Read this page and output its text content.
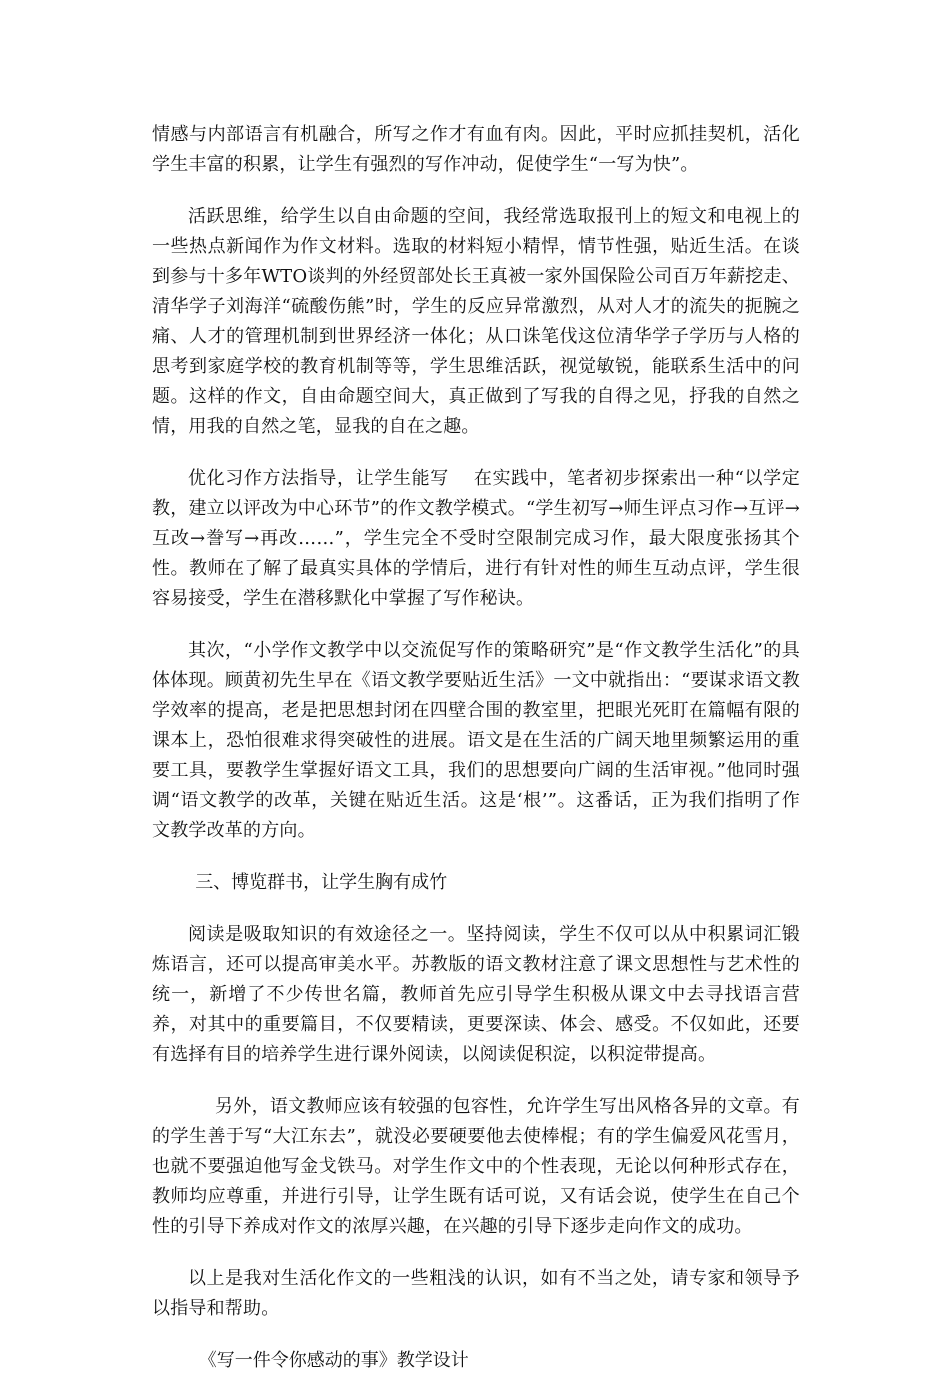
情感与内部语言有机融合，所写之作才有血有肉。因此，平时应抓挂契机，活化学生丰富的积累，让学生有强烈的写作冲动，促使学生“一写为快”。

活跃思维，给学生以自由命题的空间，我经常选取报刊上的短文和电视上的一些热点新闻作为作文材料。选取的材料短小精悍，情节性强，贴近生活。在谈到参与十多年WTO谈判的外经贸部处长王真被一家外国保险公司百万年薪挖走、清华学子刘海洋“硫酸伤熊”时，学生的反应异常激烈，从对人才的流失的扼腕之痛、人才的管理机制到世界经济一体化；从口诛笔伐这位清华学子学历与人格的思考到家庭学校的教育机制等等，学生思维活跃，视觉敏锐，能联系生活中的问题。这样的作文，自由命题空间大，真正做到了写我的自得之见，抒我的自然之情，用我的自然之笔，显我的自在之趣。

优化习作方法指导，让学生能写　 在实践中，笔者初步探索出一种“以学定教，建立以评改为中心环节”的作文教学模式。“学生初写→师生评点习作→互评→互改→誊写→再改……”，学生完全不受时空限制完成习作，最大限度张扬其个性。教师在了解了最真实具体的学情后，进行有针对性的师生互动点评，学生很容易接受，学生在潜移默化中掌握了写作秘诀。

其次，“小学作文教学中以交流促写作的策略研究”是“作文教学生活化”的具体体现。顾黄初先生早在《语文教学要贴近生活》一文中就指出：“要谋求语文教学效率的提高，老是把思想封闭在四壁合围的教室里，把眼光死盯在篇幅有限的课本上，恐怕很难求得突破性的进展。语文是在生活的广阔天地里频繁运用的重要工具，要教学生掌握好语文工具，我们的思想要向广阔的生活审视。”他同时强调“语文教学的改革，关键在贴近生活。这是‘根’”。这番话，正为我们指明了作文教学改革的方向。

三、博览群书，让学生胸有成竹

阅读是吸取知识的有效途径之一。坚持阅读，学生不仅可以从中积累词汇锻炼语言，还可以提高审美水平。苏教版的语文教材注意了课文思想性与艺术性的统一，新增了不少传世名篇，教师首先应引导学生积极从课文中去寻找语言营养，对其中的重要篇目，不仅要精读，更要深读、体会、感受。不仅如此，还要有选择有目的培养学生进行课外阅读，以阅读促积淀，以积淀带提高。

另外，语文教师应该有较强的包容性，允许学生写出风格各异的文章。有的学生善于写“大江东去”，就没必要硬要他去使棒棍；有的学生偏爱风花雪月，也就不要强迫他写金戈铁马。对学生作文中的个性表现，无论以何种形式存在，教师均应尊重，并进行引导，让学生既有话可说，又有话会说，使学生在自己个性的引导下养成对作文的浓厚兴趣，在兴趣的引导下逐步走向作文的成功。

以上是我对生活化作文的一些粗浅的认识，如有不当之处，请专家和领导予以指导和帮助。

《写一件令你感动的事》教学设计
